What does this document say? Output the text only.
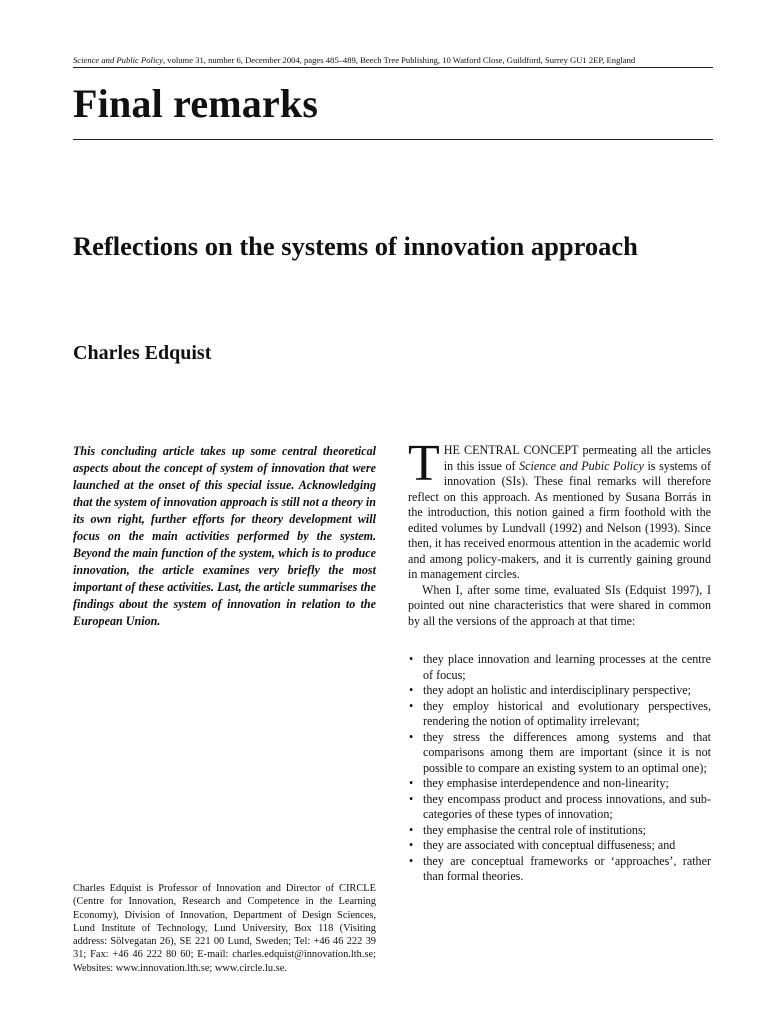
Science and Public Policy, volume 31, number 6, December 2004, pages 485–489, Beech Tree Publishing, 10 Watford Close, Guildford, Surrey GU1 2EP, England
Final remarks
Reflections on the systems of innovation approach
Charles Edquist

This concluding article takes up some central theoretical aspects about the concept of system of innovation that were launched at the onset of this special issue. Acknowledging that the system of innovation approach is still not a theory in its own right, further efforts for theory development will focus on the main activities performed by the system. Beyond the main function of the system, which is to produce innovation, the article examines very briefly the most important of these activities. Last, the article summarises the findings about the system of innovation in relation to the European Union.

Charles Edquist is Professor of Innovation and Director of CIRCLE (Centre for Innovation, Research and Competence in the Learning Economy), Division of Innovation, Department of Design Sciences, Lund Institute of Technology, Lund University, Box 118 (Visiting address: Sölvegatan 26), SE 221 00 Lund, Sweden; Tel: +46 46 222 39 31; Fax: +46 46 222 80 60; E-mail: charles.edquist@innovation.lth.se; Websites: www.innovation.lth.se; www.circle.lu.se.

THE CENTRAL CONCEPT permeating all the articles in this issue of Science and Pubic Policy is systems of innovation (SIs). These final remarks will therefore reflect on this approach. As mentioned by Susana Borrás in the introduction, this notion gained a firm foothold with the edited volumes by Lundvall (1992) and Nelson (1993). Since then, it has received enormous attention in the academic world and among policy-makers, and it is currently gaining ground in management circles.

When I, after some time, evaluated SIs (Edquist 1997), I pointed out nine characteristics that were shared in common by all the versions of the approach at that time:

• they place innovation and learning processes at the centre of focus;
• they adopt an holistic and interdisciplinary perspective;
• they employ historical and evolutionary perspectives, rendering the notion of optimality irrelevant;
• they stress the differences among systems and that comparisons among them are important (since it is not possible to compare an existing system to an optimal one);
• they emphasise interdependence and non-linearity;
• they encompass product and process innovations, and sub-categories of these types of innovation;
• they emphasise the central role of institutions;
• they are associated with conceptual diffuseness; and
• they are conceptual frameworks or ‘approaches’, rather than formal theories.
